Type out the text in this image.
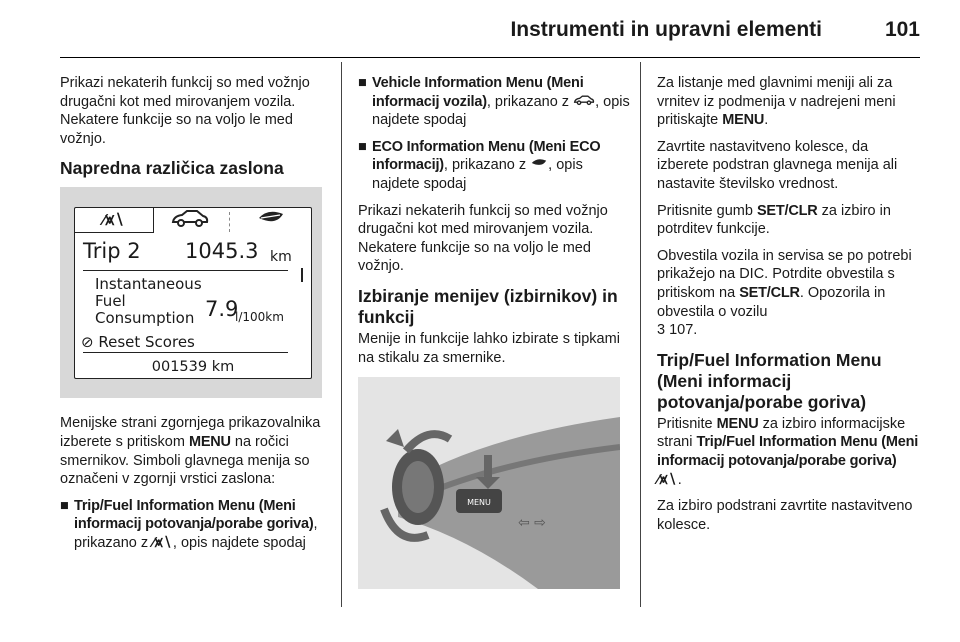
Instrumenti in upravni elementi	101

Prikazi nekaterih funkcij so med vožnjo drugačni kot med mirovanjem vozila. Nekatere funkcije so na voljo le med vožnjo.

Napredna različica zaslona
∕⩙∖
Trip 2 1045.3 km
Instantaneous
Fuel
Consumption 7.9
l/100km
⊘ Reset Scores
001539 km

Menijske strani zgornjega prikazovalnika izberete s pritiskom MENU na ročici smernikov. Simboli glavnega menija so označeni v zgornji vrstici zaslona:

■ Trip/Fuel Information Menu (Meni informacij potovanja/porabe goriva), prikazano z ∕⩙∖, opis najdete spodaj
■ Vehicle Information Menu (Meni informacij vozila), prikazano z , opis najdete spodaj
■ ECO Information Menu (Meni ECO informacij), prikazano z , opis najdete spodaj

Prikazi nekaterih funkcij so med vožnjo drugačni kot med mirovanjem vozila. Nekatere funkcije so na voljo le med vožnjo.

Izbiranje menijev (izbirnikov) in funkcij

Menije in funkcije lahko izbirate s tipkami na stikalu za smernike.

MENU
⇦ ⇨

Za listanje med glavnimi meniji ali za vrnitev iz podmenija v nadrejeni meni pritiskajte MENU.

Zavrtite nastavitveno kolesce, da izberete podstran glavnega menija ali nastavite številsko vrednost.

Pritisnite gumb SET/CLR za izbiro in potrditev funkcije.

Obvestila vozila in servisa se po potrebi prikažejo na DIC. Potrdite obvestila s pritiskom na SET/CLR. Opozorila in obvestila o vozilu
3 107.

Trip/Fuel Information Menu (Meni informacij potovanja/porabe goriva)

Pritisnite MENU za izbiro informacijske strani Trip/Fuel Information Menu (Meni informacij potovanja/porabe goriva) ∕⩙∖.

Za izbiro podstrani zavrtite nastavitveno kolesce.
